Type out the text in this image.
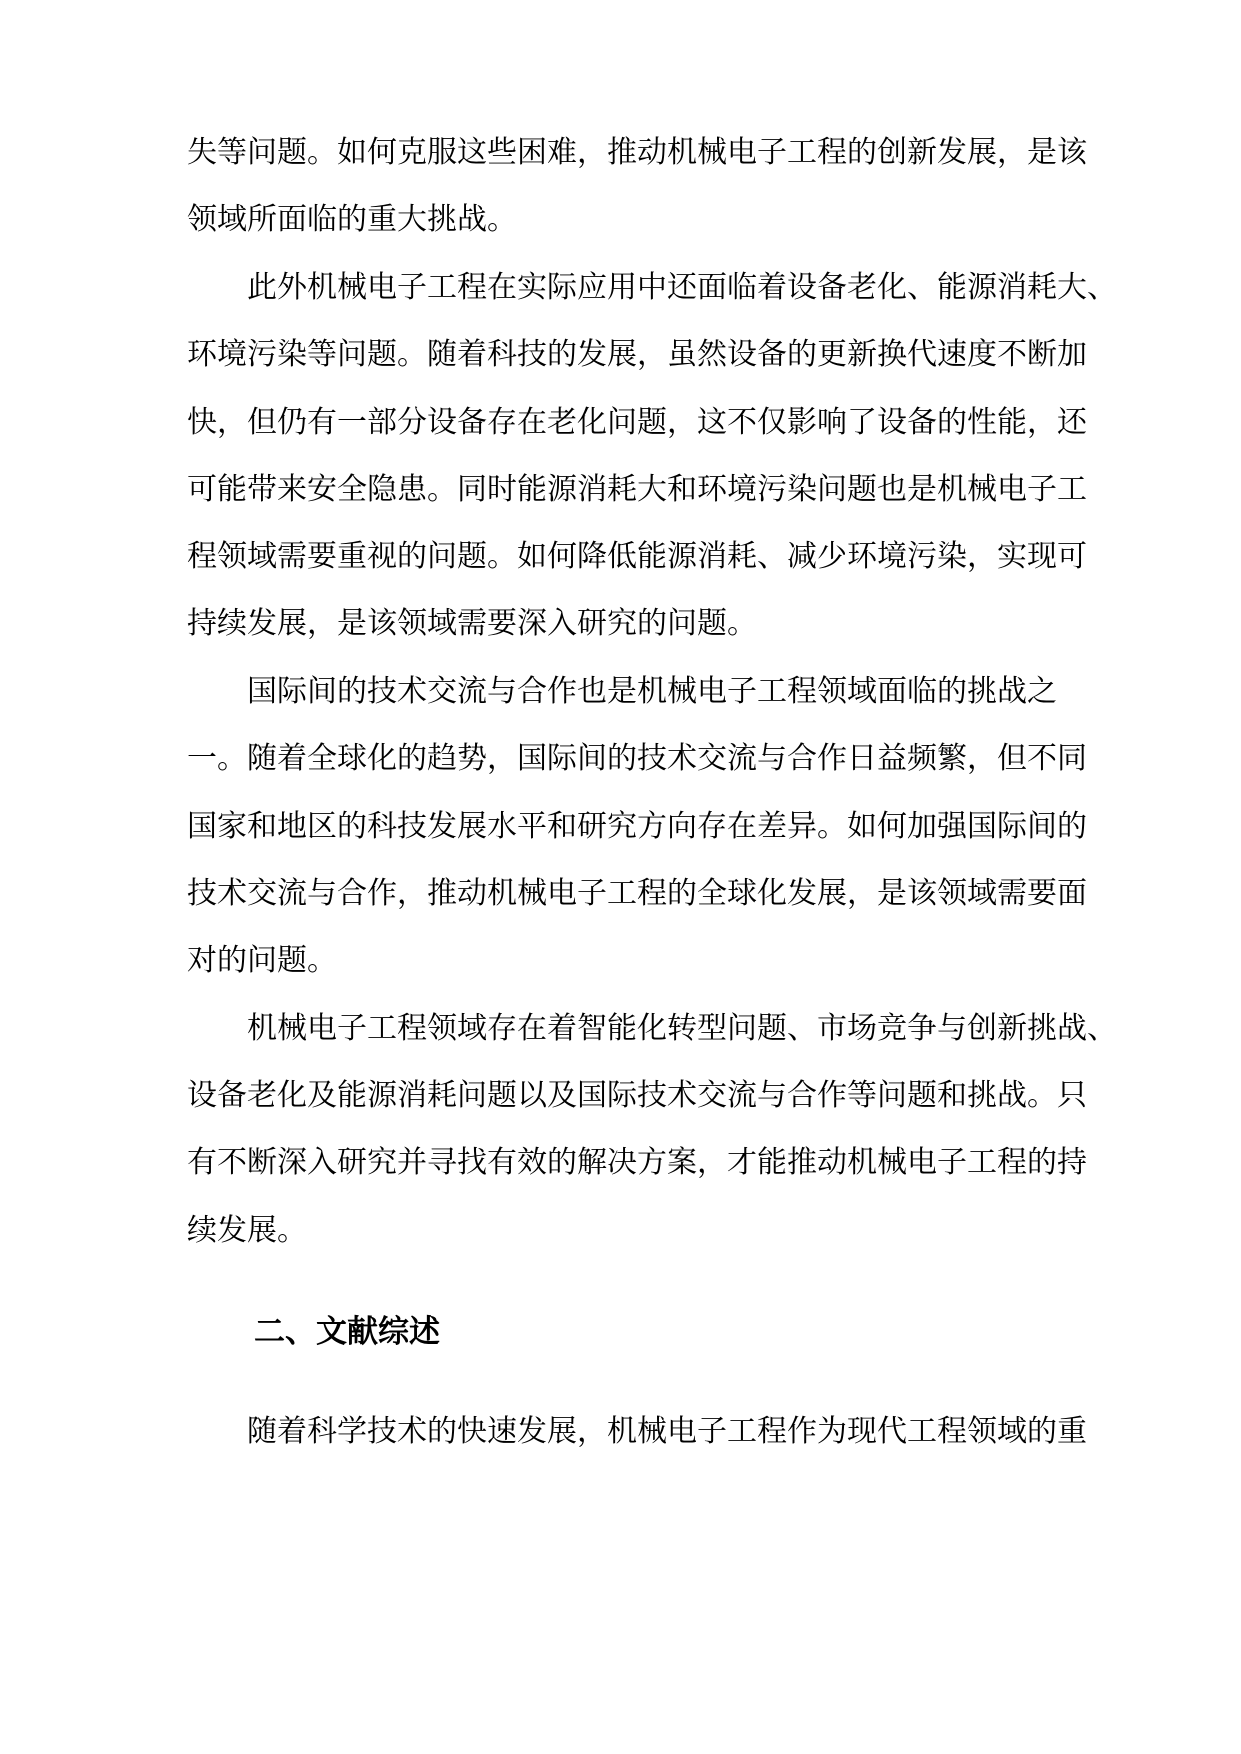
失等问题。如何克服这些困难，推动机械电子工程的创新发展，是该
领域所面临的重大挑战。
此外机械电子工程在实际应用中还面临着设备老化、能源消耗大、
环境污染等问题。随着科技的发展，虽然设备的更新换代速度不断加
快，但仍有一部分设备存在老化问题，这不仅影响了设备的性能，还
可能带来安全隐患。同时能源消耗大和环境污染问题也是机械电子工
程领域需要重视的问题。如何降低能源消耗、减少环境污染，实现可
持续发展，是该领域需要深入研究的问题。
国际间的技术交流与合作也是机械电子工程领域面临的挑战之
一。随着全球化的趋势，国际间的技术交流与合作日益频繁，但不同
国家和地区的科技发展水平和研究方向存在差异。如何加强国际间的
技术交流与合作，推动机械电子工程的全球化发展，是该领域需要面
对的问题。
机械电子工程领域存在着智能化转型问题、市场竞争与创新挑战、
设备老化及能源消耗问题以及国际技术交流与合作等问题和挑战。只
有不断深入研究并寻找有效的解决方案，才能推动机械电子工程的持
续发展。
二、文献综述
随着科学技术的快速发展，机械电子工程作为现代工程领域的重
